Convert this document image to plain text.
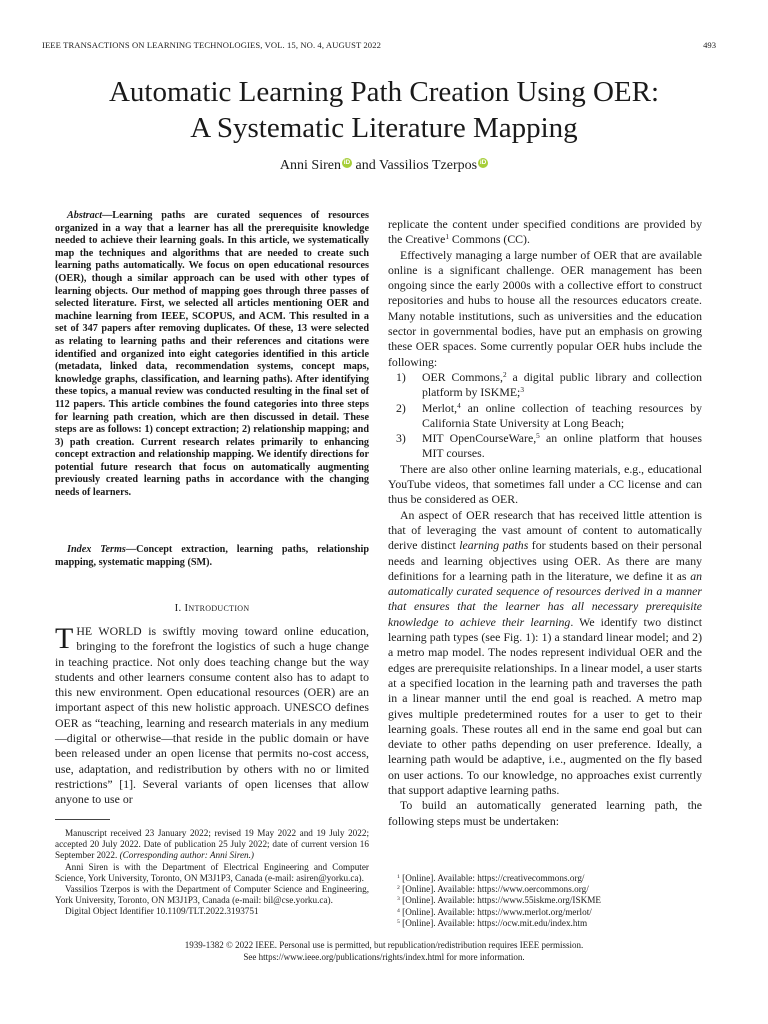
IEEE TRANSACTIONS ON LEARNING TECHNOLOGIES, VOL. 15, NO. 4, AUGUST 2022	493
Automatic Learning Path Creation Using OER:
A Systematic Literature Mapping
Anni Siren iD and Vassilios Tzerpos iD
Abstract—Learning paths are curated sequences of resources organized in a way that a learner has all the prerequisite knowledge needed to achieve their learning goals. In this article, we systematically map the techniques and algorithms that are needed to create such learning paths automatically. We focus on open educational resources (OER), though a similar approach can be used with other types of learning objects. Our method of mapping goes through three passes of selected literature. First, we selected all articles mentioning OER and machine learning from IEEE, SCOPUS, and ACM. This resulted in a set of 347 papers after removing duplicates. Of these, 13 were selected as relating to learning paths and their references and citations were identified and organized into eight categories identified in this article (metadata, linked data, recommendation systems, concept maps, knowledge graphs, classification, and learning paths). After identifying these topics, a manual review was conducted resulting in the final set of 112 papers. This article combines the found categories into three steps for learning path creation, which are then discussed in detail. These steps are as follows: 1) concept extraction; 2) relationship mapping; and 3) path creation. Current research relates primarily to enhancing concept extraction and relationship mapping. We identify directions for potential future research that focus on automatically augmenting previously created learning paths in accordance with the changing needs of learners.
Index Terms—Concept extraction, learning paths, relationship mapping, systematic mapping (SM).
I. Introduction

THE WORLD is swiftly moving toward online education, bringing to the forefront the logistics of such a huge change in teaching practice. Not only does teaching change but the way students and other learners consume content also has to adapt to this new environment. Open educational resources (OER) are an important aspect of this new holistic approach. UNESCO defines OER as “teaching, learning and research materials in any medium—digital or otherwise—that reside in the public domain or have been released under an open license that permits no-cost access, use, adaptation, and redistribution by others with no or limited restrictions” [1]. Several variants of open licenses that allow anyone to use or

Manuscript received 23 January 2022; revised 19 May 2022 and 19 July 2022; accepted 20 July 2022. Date of publication 25 July 2022; date of current version 16 September 2022. (Corresponding author: Anni Siren.)

Anni Siren is with the Department of Electrical Engineering and Computer Science, York University, Toronto, ON M3J1P3, Canada (e-mail: asiren@yorku.ca).

Vassilios Tzerpos is with the Department of Computer Science and Engineering, York University, Toronto, ON M3J1P3, Canada (e-mail: bil@cse.yorku.ca).

Digital Object Identifier 10.1109/TLT.2022.3193751

replicate the content under specified conditions are provided by the Creative$^1$ Commons (CC).

Effectively managing a large number of OER that are available online is a significant challenge. OER management has been ongoing since the early 2000s with a collective effort to construct repositories and hubs to house all the resources educators create. Many notable institutions, such as universities and the education sector in governmental bodies, have put an emphasis on growing these OER spaces. Some currently popular OER hubs include the following:

1) OER Commons,$^2$ a digital public library and collection platform by ISKME;$^3$
2) Merlot,$^4$ an online collection of teaching resources by California State University at Long Beach;
3) MIT OpenCourseWare,$^5$ an online platform that houses MIT courses.

There are also other online learning materials, e.g., educational YouTube videos, that sometimes fall under a CC license and can thus be considered as OER.

An aspect of OER research that has received little attention is that of leveraging the vast amount of content to automatically derive distinct learning paths for students based on their personal needs and learning objectives using OER. As there are many definitions for a learning path in the literature, we define it as an automatically curated sequence of resources derived in a manner that ensures that the learner has all necessary prerequisite knowledge to achieve their learning. We identify two distinct learning path types (see Fig. 1): 1) a standard linear model; and 2) a metro map model. The nodes represent individual OER and the edges are prerequisite relationships. In a linear model, a user starts at a specified location in the learning path and traverses the path in a linear manner until the end goal is reached. A metro map gives multiple predetermined routes for a user to get to their learning goals. These routes all end in the same end goal but can deviate to other paths depending on user preference. Ideally, a learning path would be adaptive, i.e., augmented on the fly based on user actions. To our knowledge, no approaches exist currently that support adaptive learning paths.

To build an automatically generated learning path, the following steps must be undertaken:

$^1$ [Online]. Available: https://creativecommons.org/
$^2$ [Online]. Available: https://www.oercommons.org/
$^3$ [Online]. Available: https://www.55iskme.org/ISKME
$^4$ [Online]. Available: https://www.merlot.org/merlot/
$^5$ [Online]. Available: https://ocw.mit.edu/index.htm
1939-1382 © 2022 IEEE. Personal use is permitted, but republication/redistribution requires IEEE permission.
See https://www.ieee.org/publications/rights/index.html for more information.
